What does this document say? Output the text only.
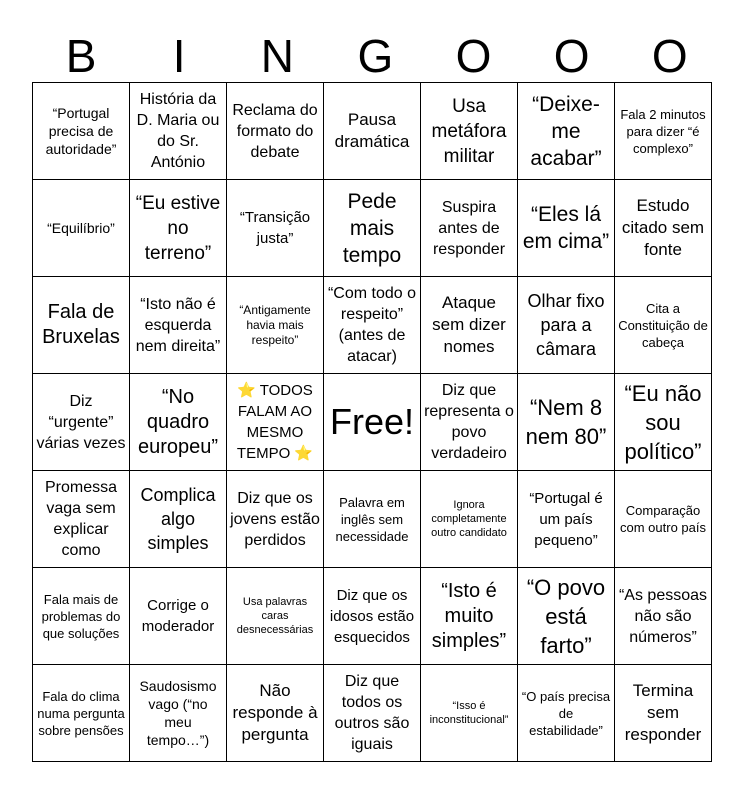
B	I	N	G	O	O	O
“Portugal precisa de autoridade”	História da D. Maria ou do Sr. António	Reclama do formato do debate	Pausa dramática	Usa metáfora militar	“Deixe-me acabar”	Fala 2 minutos para dizer “é complexo”

“Equilíbrio”	“Eu estive no terreno”	“Transição justa”	Pede mais tempo	Suspira antes de responder	“Eles lá em cima”	Estudo citado sem fonte

Fala de Bruxelas	“Isto não é esquerda nem direita”	“Antigamente havia mais respeito”	“Com todo o respeito” (antes de atacar)	Ataque sem dizer nomes	Olhar fixo para a câmara	Cita a Constituição de cabeça

Diz “urgente” várias vezes	“No quadro europeu”	⭐ TODOS FALAM AO MESMO TEMPO ⭐	Free!	Diz que representa o povo verdadeiro	“Nem 8 nem 80”	“Eu não sou político”

Promessa vaga sem explicar como	Complica algo simples	Diz que os jovens estão perdidos	Palavra em inglês sem necessidade	Ignora completamente outro candidato	“Portugal é um país pequeno”	Comparação com outro país

Fala mais de problemas do que soluções	Corrige o moderador	Usa palavras caras desnecessárias	Diz que os idosos estão esquecidos	“Isto é muito simples”	“O povo está farto”	“As pessoas não são números”

Fala do clima numa pergunta sobre pensões	Saudosismo vago (“no meu tempo…”)	Não responde à pergunta	Diz que todos os outros são iguais	“Isso é inconstitucional”	“O país precisa de estabilidade”	Termina sem responder
